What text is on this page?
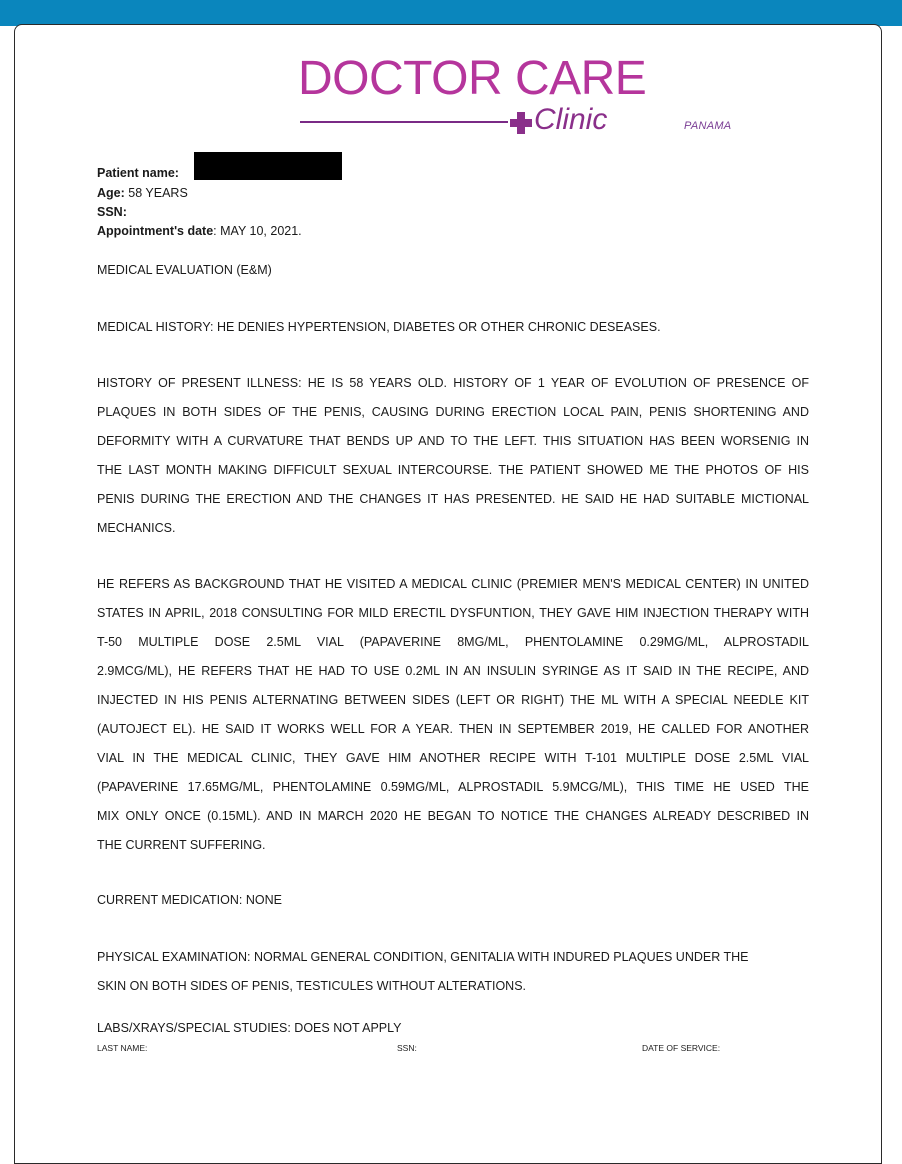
DOCTOR CARE
Clinic	PANAMA
Patient name:
Age: 58 YEARS
SSN:
Appointment's date: MAY 10, 2021.
MEDICAL EVALUATION (E&M)
MEDICAL HISTORY: HE DENIES HYPERTENSION, DIABETES OR OTHER CHRONIC DESEASES.
HISTORY OF PRESENT ILLNESS: HE IS 58 YEARS OLD. HISTORY OF 1 YEAR OF EVOLUTION OF PRESENCE OF
PLAQUES IN BOTH SIDES OF THE PENIS, CAUSING DURING ERECTION LOCAL PAIN, PENIS SHORTENING AND
DEFORMITY WITH A CURVATURE THAT BENDS UP AND TO THE LEFT. THIS SITUATION HAS BEEN WORSENIG IN
THE LAST MONTH MAKING DIFFICULT SEXUAL INTERCOURSE. THE PATIENT SHOWED ME THE PHOTOS OF HIS
PENIS DURING THE ERECTION AND THE CHANGES IT HAS PRESENTED. HE SAID HE HAD SUITABLE MICTIONAL
MECHANICS.
HE REFERS AS BACKGROUND THAT HE VISITED A MEDICAL CLINIC (PREMIER MEN'S MEDICAL CENTER) IN UNITED
STATES IN APRIL, 2018 CONSULTING FOR MILD ERECTIL DYSFUNTION, THEY GAVE HIM INJECTION THERAPY WITH
T-50 MULTIPLE DOSE 2.5ML VIAL (PAPAVERINE 8MG/ML, PHENTOLAMINE 0.29MG/ML, ALPROSTADIL
2.9MCG/ML), HE REFERS THAT HE HAD TO USE 0.2ML IN AN INSULIN SYRINGE AS IT SAID IN THE RECIPE, AND
INJECTED IN HIS PENIS ALTERNATING BETWEEN SIDES (LEFT OR RIGHT) THE ML WITH A SPECIAL NEEDLE KIT
(AUTOJECT EL). HE SAID IT WORKS WELL FOR A YEAR. THEN IN SEPTEMBER 2019, HE CALLED FOR ANOTHER
VIAL IN THE MEDICAL CLINIC, THEY GAVE HIM ANOTHER RECIPE WITH T-101 MULTIPLE DOSE 2.5ML VIAL
(PAPAVERINE 17.65MG/ML, PHENTOLAMINE 0.59MG/ML, ALPROSTADIL 5.9MCG/ML), THIS TIME HE USED THE
MIX ONLY ONCE (0.15ML). AND IN MARCH 2020 HE BEGAN TO NOTICE THE CHANGES ALREADY DESCRIBED IN
THE CURRENT SUFFERING.
CURRENT MEDICATION: NONE
PHYSICAL EXAMINATION: NORMAL GENERAL CONDITION, GENITALIA WITH INDURED PLAQUES UNDER THE
SKIN ON BOTH SIDES OF PENIS, TESTICULES WITHOUT ALTERATIONS.
LABS/XRAYS/SPECIAL STUDIES: DOES NOT APPLY
LAST NAME:	SSN:	DATE OF SERVICE:
